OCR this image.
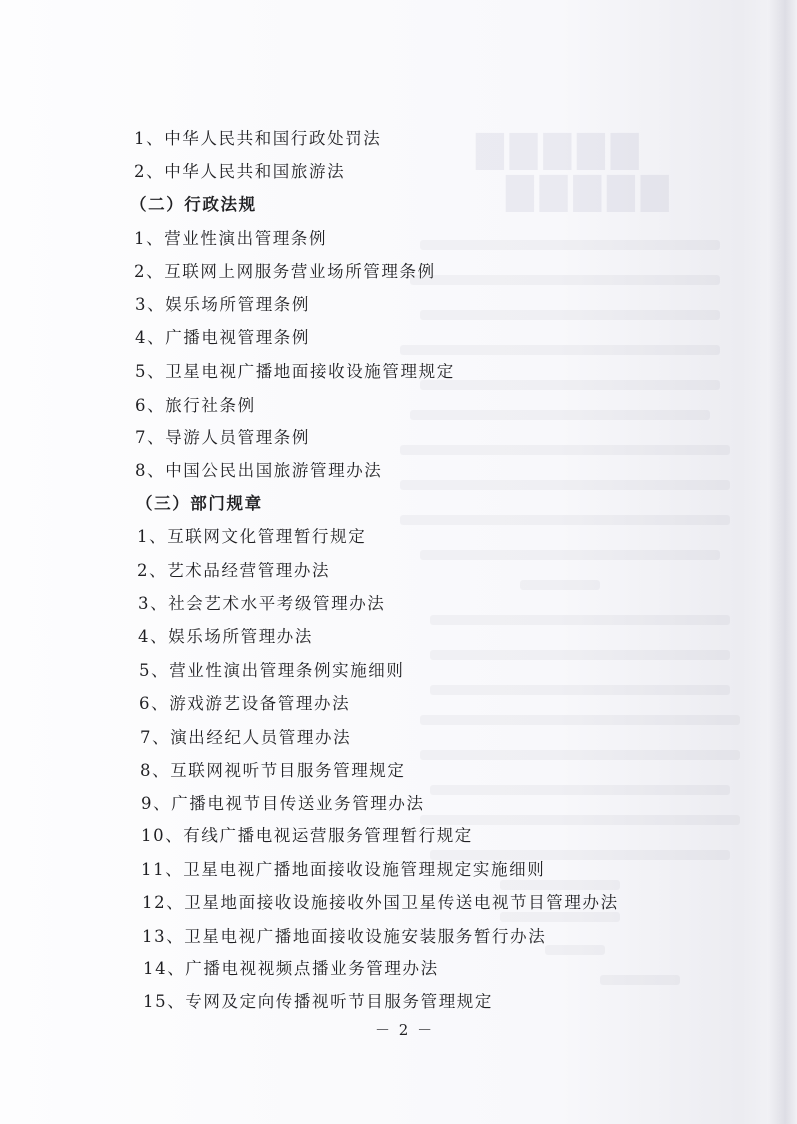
▇▇▇▇▇
▇▇▇▇▇
1、中华人民共和国行政处罚法
2、中华人民共和国旅游法
（二）行政法规
1、营业性演出管理条例
2、互联网上网服务营业场所管理条例
3、娱乐场所管理条例
4、广播电视管理条例
5、卫星电视广播地面接收设施管理规定
6、旅行社条例
7、导游人员管理条例
8、中国公民出国旅游管理办法
（三）部门规章
1、互联网文化管理暂行规定
2、艺术品经营管理办法
3、社会艺术水平考级管理办法
4、娱乐场所管理办法
5、营业性演出管理条例实施细则
6、游戏游艺设备管理办法
7、演出经纪人员管理办法
8、互联网视听节目服务管理规定
9、广播电视节目传送业务管理办法
10、有线广播电视运营服务管理暂行规定
11、卫星电视广播地面接收设施管理规定实施细则
12、卫星地面接收设施接收外国卫星传送电视节目管理办法
13、卫星电视广播地面接收设施安装服务暂行办法
14、广播电视视频点播业务管理办法
15、专网及定向传播视听节目服务管理规定
－ 2 －
